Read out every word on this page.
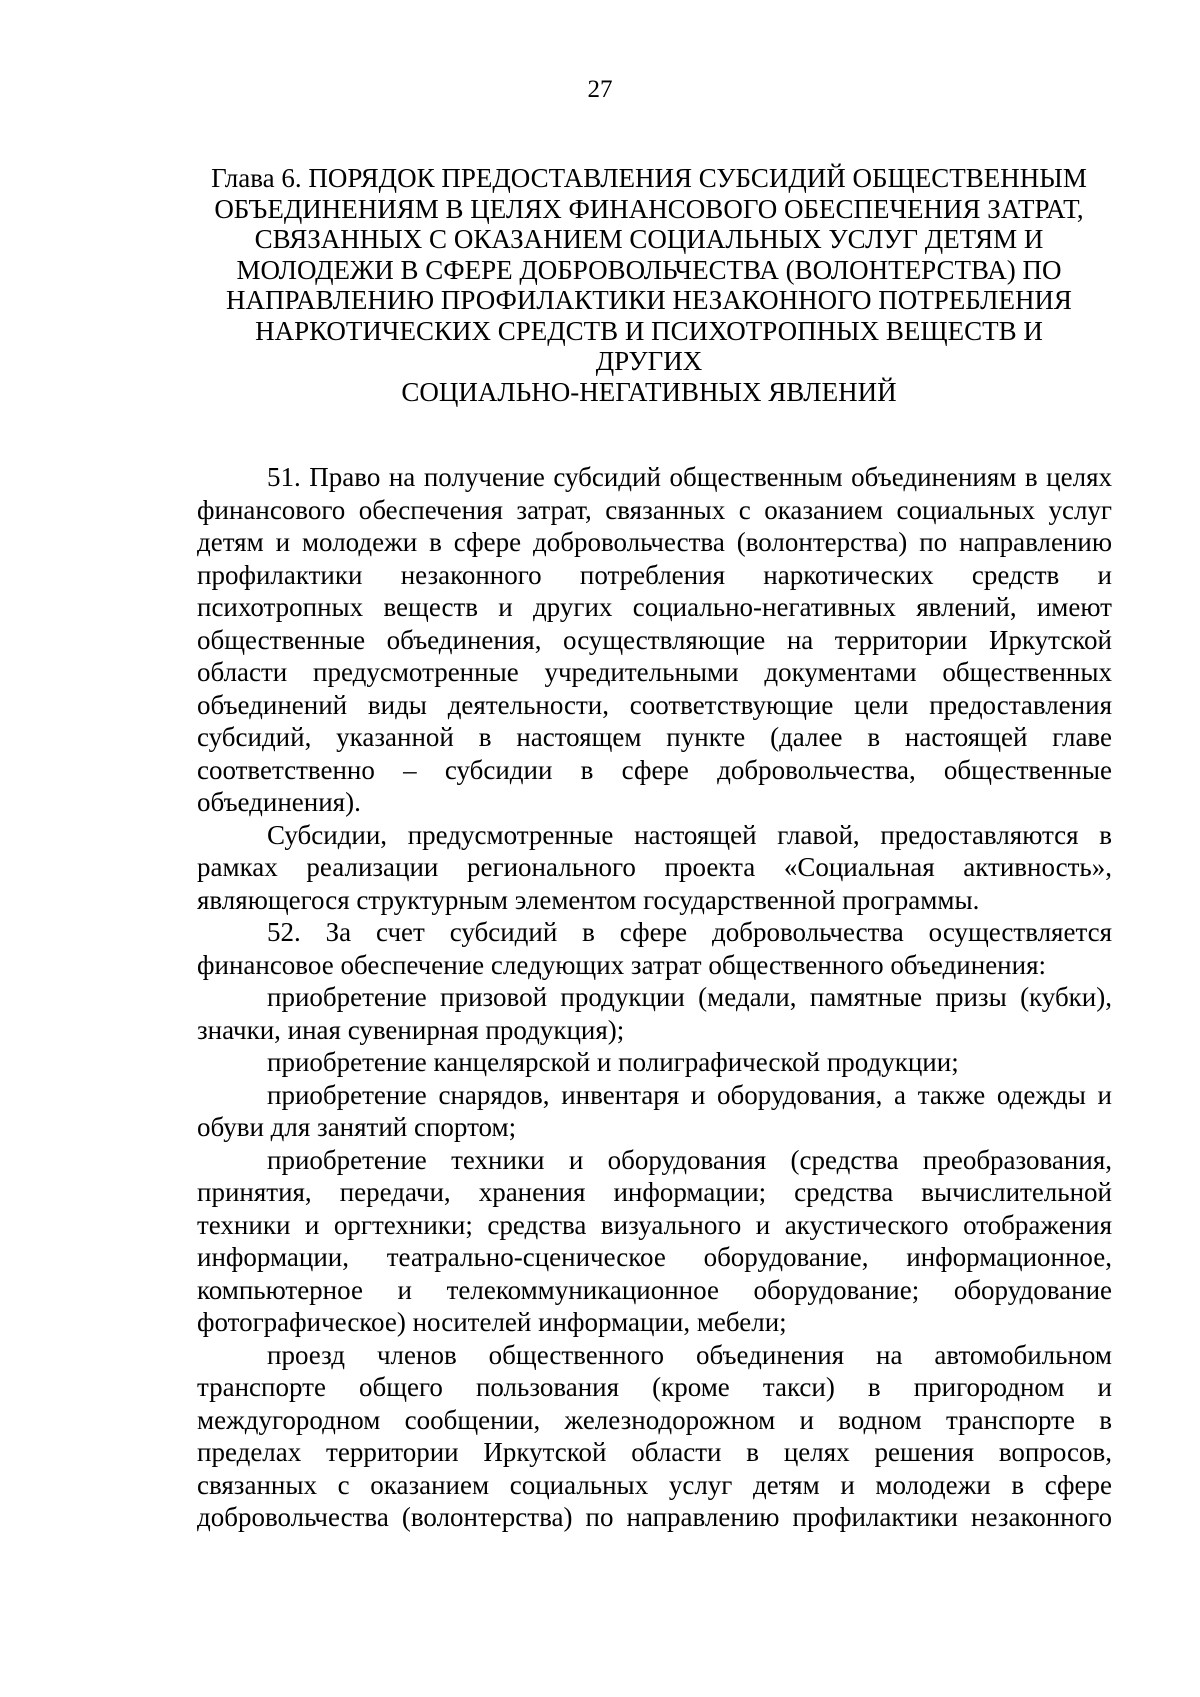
27
Глава 6. ПОРЯДОК ПРЕДОСТАВЛЕНИЯ СУБСИДИЙ ОБЩЕСТВЕННЫМ
ОБЪЕДИНЕНИЯМ В ЦЕЛЯХ ФИНАНСОВОГО ОБЕСПЕЧЕНИЯ ЗАТРАТ,
СВЯЗАННЫХ С ОКАЗАНИЕМ СОЦИАЛЬНЫХ УСЛУГ ДЕТЯМ И
МОЛОДЕЖИ В СФЕРЕ ДОБРОВОЛЬЧЕСТВА (ВОЛОНТЕРСТВА) ПО
НАПРАВЛЕНИЮ ПРОФИЛАКТИКИ НЕЗАКОННОГО ПОТРЕБЛЕНИЯ
НАРКОТИЧЕСКИХ СРЕДСТВ И ПСИХОТРОПНЫХ ВЕЩЕСТВ И
ДРУГИХ
СОЦИАЛЬНО-НЕГАТИВНЫХ ЯВЛЕНИЙ
51. Право на получение субсидий общественным объединениям в целях
финансового обеспечения затрат, связанных с оказанием социальных услуг
детям и молодежи в сфере добровольчества (волонтерства) по направлению
профилактики незаконного потребления наркотических средств и
психотропных веществ и других социально-негативных явлений, имеют
общественные объединения, осуществляющие на территории Иркутской
области предусмотренные учредительными документами общественных
объединений виды деятельности, соответствующие цели предоставления
субсидий, указанной в настоящем пункте (далее в настоящей главе
соответственно – субсидии в сфере добровольчества, общественные
объединения).
Субсидии, предусмотренные настоящей главой, предоставляются в
рамках реализации регионального проекта «Социальная активность»,
являющегося структурным элементом государственной программы.
52. За счет субсидий в сфере добровольчества осуществляется
финансовое обеспечение следующих затрат общественного объединения:
приобретение призовой продукции (медали, памятные призы (кубки),
значки, иная сувенирная продукция);
приобретение канцелярской и полиграфической продукции;
приобретение снарядов, инвентаря и оборудования, а также одежды и
обуви для занятий спортом;
приобретение техники и оборудования (средства преобразования,
принятия, передачи, хранения информации; средства вычислительной
техники и оргтехники; средства визуального и акустического отображения
информации, театрально-сценическое оборудование, информационное,
компьютерное и телекоммуникационное оборудование; оборудование
фотографическое) носителей информации, мебели;
проезд членов общественного объединения на автомобильном
транспорте общего пользования (кроме такси) в пригородном и
междугородном сообщении, железнодорожном и водном транспорте в
пределах территории Иркутской области в целях решения вопросов,
связанных с оказанием социальных услуг детям и молодежи в сфере
добровольчества (волонтерства) по направлению профилактики незаконного
